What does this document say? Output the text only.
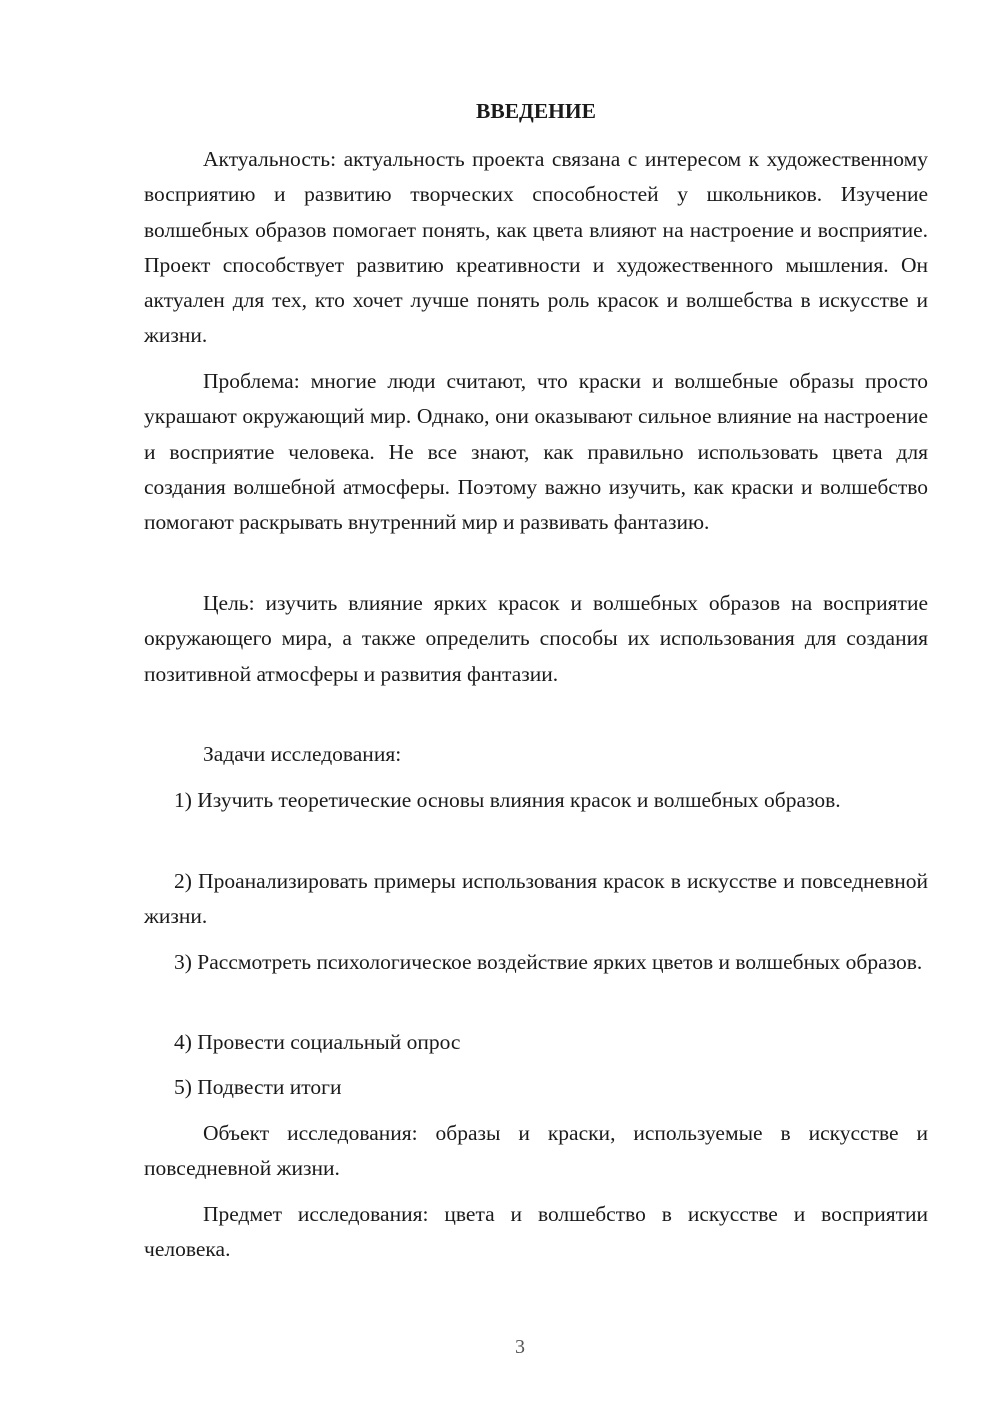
ВВЕДЕНИЕ

Актуальность: актуальность проекта связана с интересом к художественному восприятию и развитию творческих способностей у школьников. Изучение волшебных образов помогает понять, как цвета влияют на настроение и восприятие. Проект способствует развитию креативности и художественного мышления. Он актуален для тех, кто хочет лучше понять роль красок и волшебства в искусстве и жизни.

Проблема: многие люди считают, что краски и волшебные образы просто украшают окружающий мир. Однако, они оказывают сильное влияние на настроение и восприятие человека. Не все знают, как правильно использовать цвета для создания волшебной атмосферы. Поэтому важно изучить, как краски и волшебство помогают раскрывать внутренний мир и развивать фантазию.

Цель: изучить влияние ярких красок и волшебных образов на восприятие окружающего мира, а также определить способы их использования для создания позитивной атмосферы и развития фантазии.

Задачи исследования:

1) Изучить теоретические основы влияния красок и волшебных образов.

2) Проанализировать примеры использования красок в искусстве и повседневной жизни.

3) Рассмотреть психологическое воздействие ярких цветов и волшебных образов.

4) Провести социальный опрос

5) Подвести итоги

Объект исследования: образы и краски, используемые в искусстве и повседневной жизни.

Предмет исследования: цвета и волшебство в искусстве и восприятии человека.

3
